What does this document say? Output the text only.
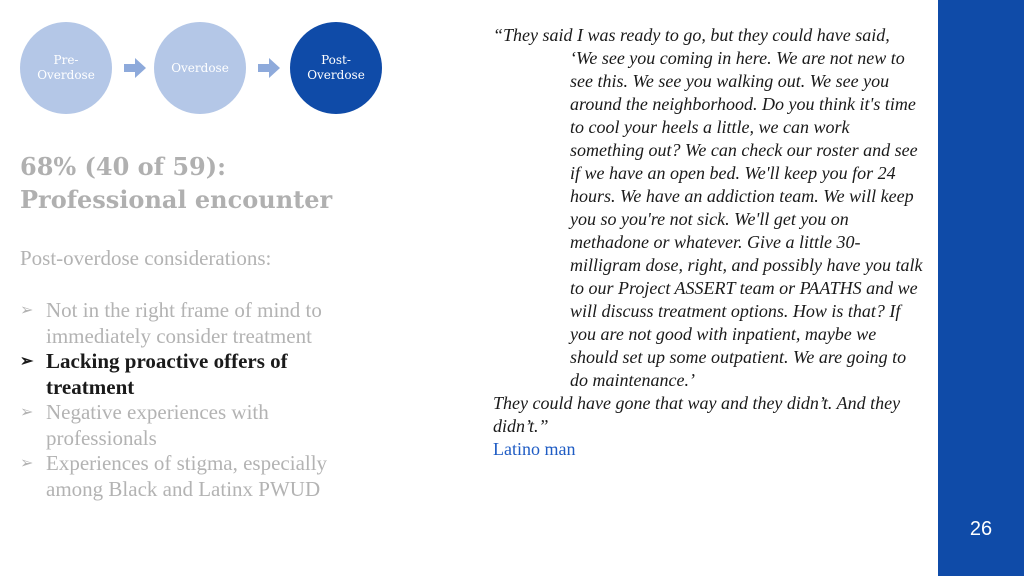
Pre-
Overdose
Overdose
Post-
Overdose
68% (40 of 59):
Professional encounter
Post-overdose considerations:
➢ Not in the right frame of mind to immediately consider treatment
➢ Lacking proactive offers of treatment
➢ Negative experiences with professionals
➢ Experiences of stigma, especially among Black and Latinx PWUD

“They said I was ready to go, but they could have said,

‘We see you coming in here. We are not new to see this. We see you walking out. We see you around the neighborhood. Do you think it's time to cool your heels a little, we can work something out? We can check our roster and see if we have an open bed. We'll keep you for 24 hours. We have an addiction team. We will keep you so you're not sick. We'll get you on methadone or whatever. Give a little 30-milligram dose, right, and possibly have you talk to our Project ASSERT team or PAATHS and we will discuss treatment options. How is that? If you are not good with inpatient, maybe we should set up some outpatient. We are going to do maintenance.’

They could have gone that way and they didn’t. And they didn’t.”

Latino man

26
